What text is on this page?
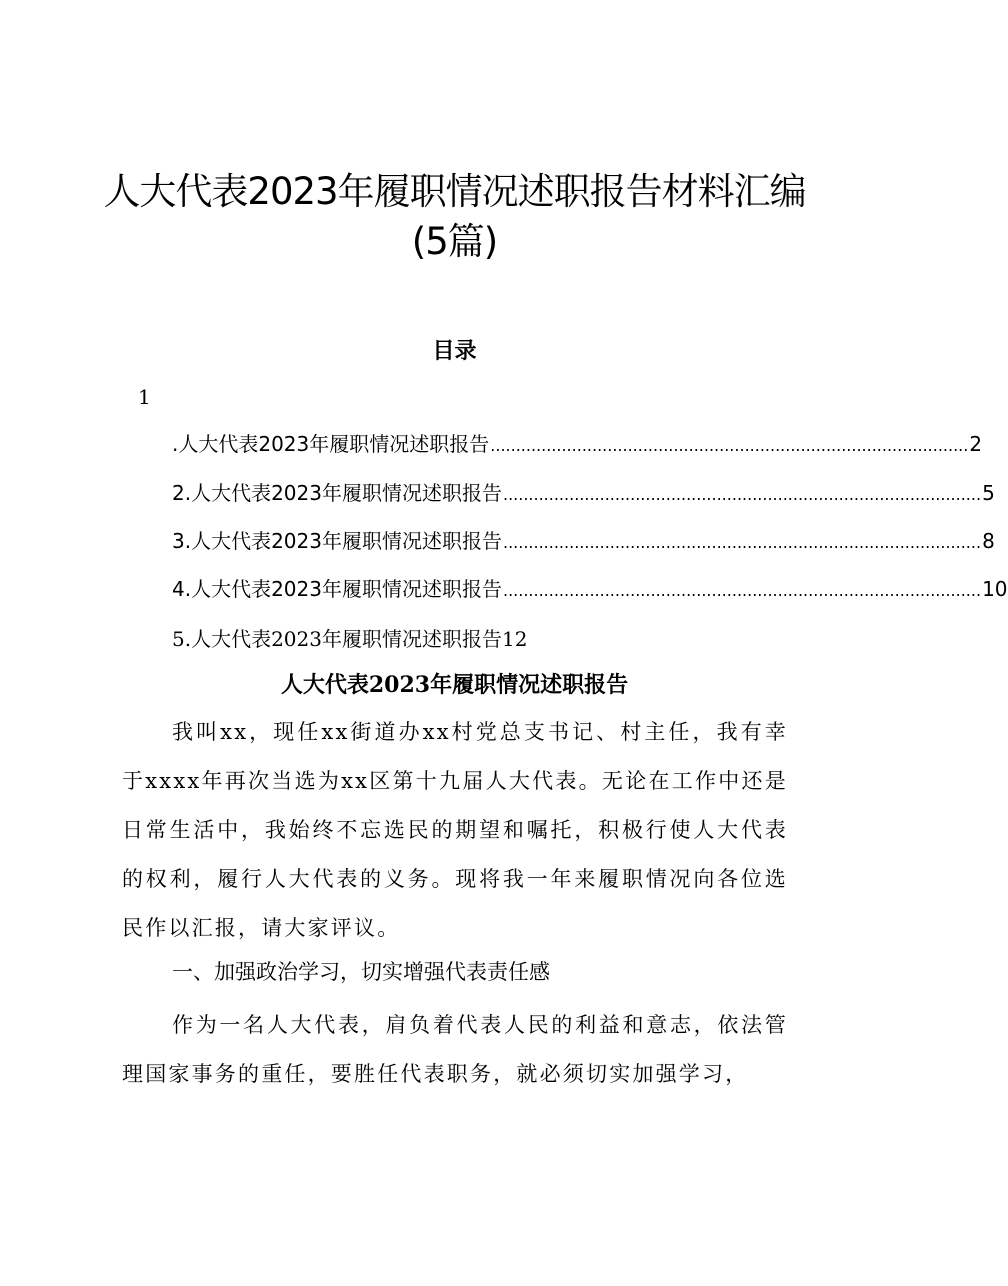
人大代表2023年履职情况述职报告材料汇编
(5篇)
目录
1
.人大代表2023年履职情况述职报告 .............................................................................................. 2
2.人大代表2023年履职情况述职报告 .............................................................................................. 5
3.人大代表2023年履职情况述职报告 .............................................................................................. 8
4.人大代表2023年履职情况述职报告 .............................................................................................. 10
5.人大代表2023年履职情况述职报告12
人大代表2023年履职情况述职报告

我叫xx，现任xx街道办xx村党总支书记、村主任，我有幸于xxxx年再次当选为xx区第十九届人大代表。无论在工作中还是日常生活中，我始终不忘选民的期望和嘱托，积极行使人大代表的权利，履行人大代表的义务。现将我一年来履职情况向各位选民作以汇报，请大家评议。

一、加强政治学习，切实增强代表责任感

作为一名人大代表，肩负着代表人民的利益和意志，依法管理国家事务的重任，要胜任代表职务，就必须切实加强学习，
